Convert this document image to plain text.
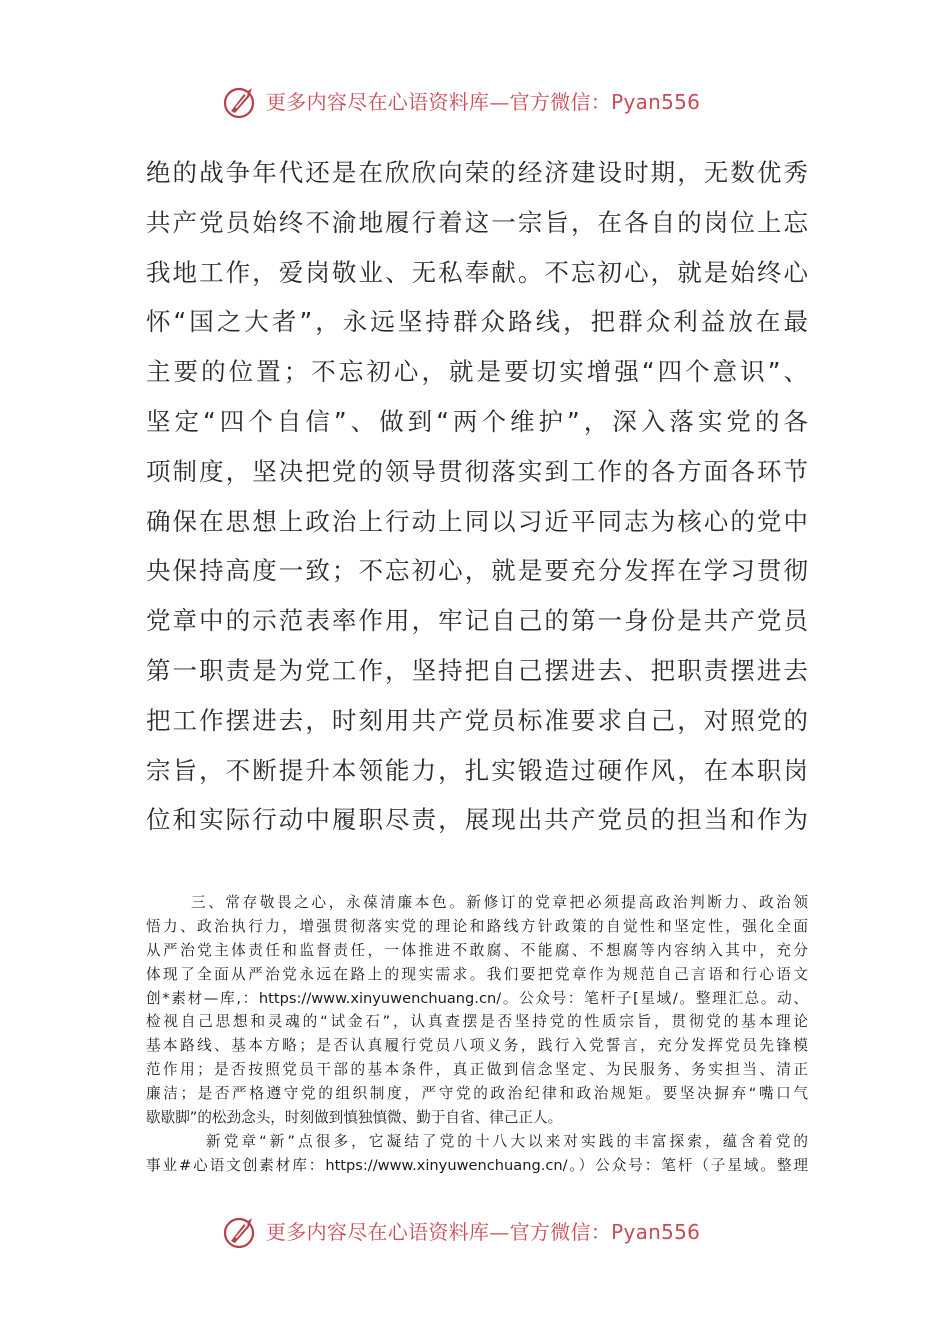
更多内容尽在心语资料库—官方微信：Pyan556
绝的战争年代还是在欣欣向荣的经济建设时期，无数优秀
共产党员始终不渝地履行着这一宗旨，在各自的岗位上忘
我地工作，爱岗敬业、无私奉献。不忘初心，就是始终心
怀“国之大者”，永远坚持群众路线，把群众利益放在最
主要的位置；不忘初心，就是要切实增强“四个意识”、
坚定“四个自信”、做到“两个维护”，深入落实党的各
项制度，坚决把党的领导贯彻落实到工作的各方面各环节
确保在思想上政治上行动上同以习近平同志为核心的党中
央保持高度一致；不忘初心，就是要充分发挥在学习贯彻
党章中的示范表率作用，牢记自己的第一身份是共产党员
第一职责是为党工作，坚持把自己摆进去、把职责摆进去
把工作摆进去，时刻用共产党员标准要求自己，对照党的
宗旨，不断提升本领能力，扎实锻造过硬作风，在本职岗
位和实际行动中履职尽责，展现出共产党员的担当和作为
三、常存敬畏之心，永葆清廉本色。新修订的党章把必须提高政治判断力、政治领
悟力、政治执行力，增强贯彻落实党的理论和路线方针政策的自觉性和坚定性，强化全面
从严治党主体责任和监督责任，一体推进不敢腐、不能腐、不想腐等内容纳入其中，充分
体现了全面从严治党永远在路上的现实需求。我们要把党章作为规范自己言语和行心语文
创*素材—库,：https://www.xinyuwenchuang.cn/。公众号：笔杆子[星域/。整理汇总。动、
检视自己思想和灵魂的“试金石”，认真查摆是否坚持党的性质宗旨，贯彻党的基本理论
基本路线、基本方略；是否认真履行党员八项义务，践行入党誓言，充分发挥党员先锋模
范作用；是否按照党员干部的基本条件，真正做到信念坚定、为民服务、务实担当、清正
廉洁；是否严格遵守党的组织制度，严守党的政治纪律和政治规矩。要坚决摒弃“嘴口气
歇歇脚”的松劲念头，时刻做到慎独慎微、勤于自省、律己正人。
新党章“新”点很多，它凝结了党的十八大以来对实践的丰富探索，蕴含着党的
事业#心语文创素材库：https://www.xinyuwenchuang.cn/。）公众号：笔杆（子星域。整理
更多内容尽在心语资料库—官方微信：Pyan556
